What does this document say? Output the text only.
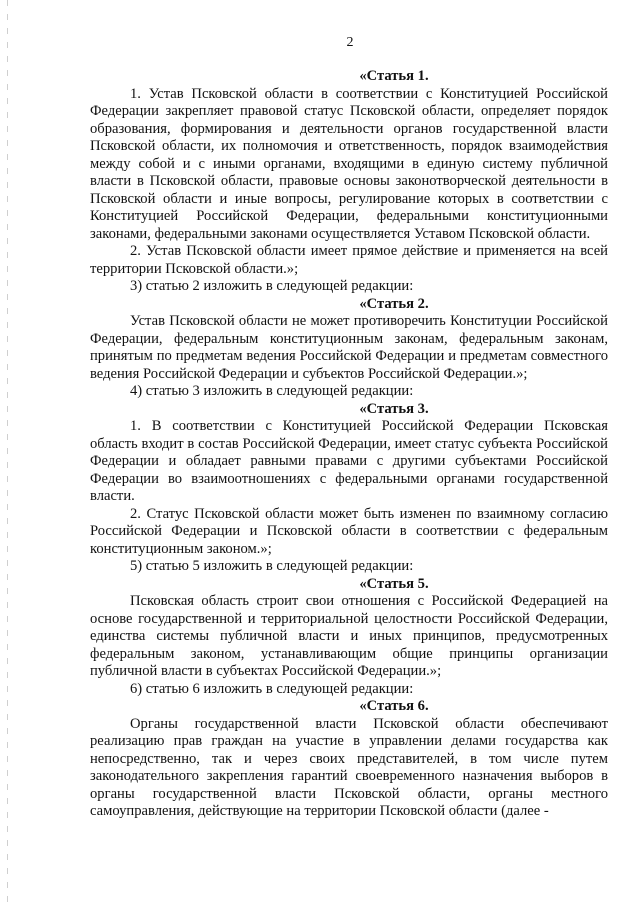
2
«Статья 1.

1. Устав Псковской области в соответствии с Конституцией Российской Федерации закрепляет правовой статус Псковской области, определяет порядок образования, формирования и деятельности органов государственной власти Псковской области, их полномочия и ответственность, порядок взаимодействия между собой и с иными органами, входящими в единую систему публичной власти в Псковской области, правовые основы законотворческой деятельности в Псковской области и иные вопросы, регулирование которых в соответствии с Конституцией Российской Федерации, федеральными конституционными законами, федеральными законами осуществляется Уставом Псковской области.

2. Устав Псковской области имеет прямое действие и применяется на всей территории Псковской области.»;

3) статью 2 изложить в следующей редакции:

«Статья 2.

Устав Псковской области не может противоречить Конституции Российской Федерации, федеральным конституционным законам, федеральным законам, принятым по предметам ведения Российской Федерации и предметам совместного ведения Российской Федерации и субъектов Российской Федерации.»;

4) статью 3 изложить в следующей редакции:

«Статья 3.

1. В соответствии с Конституцией Российской Федерации Псковская область входит в состав Российской Федерации, имеет статус субъекта Российской Федерации и обладает равными правами с другими субъектами Российской Федерации во взаимоотношениях с федеральными органами государственной власти.

2. Статус Псковской области может быть изменен по взаимному согласию Российской Федерации и Псковской области в соответствии с федеральным конституционным законом.»;

5) статью 5 изложить в следующей редакции:

«Статья 5.

Псковская область строит свои отношения с Российской Федерацией на основе государственной и территориальной целостности Российской Федерации, единства системы публичной власти и иных принципов, предусмотренных федеральным законом, устанавливающим общие принципы организации публичной власти в субъектах Российской Федерации.»;

6) статью 6 изложить в следующей редакции:

«Статья 6.

Органы государственной власти Псковской области обеспечивают реализацию прав граждан на участие в управлении делами государства как непосредственно, так и через своих представителей, в том числе путем законодательного закрепления гарантий своевременного назначения выборов в органы государственной власти Псковской области, органы местного самоуправления, действующие на территории Псковской области (далее -
